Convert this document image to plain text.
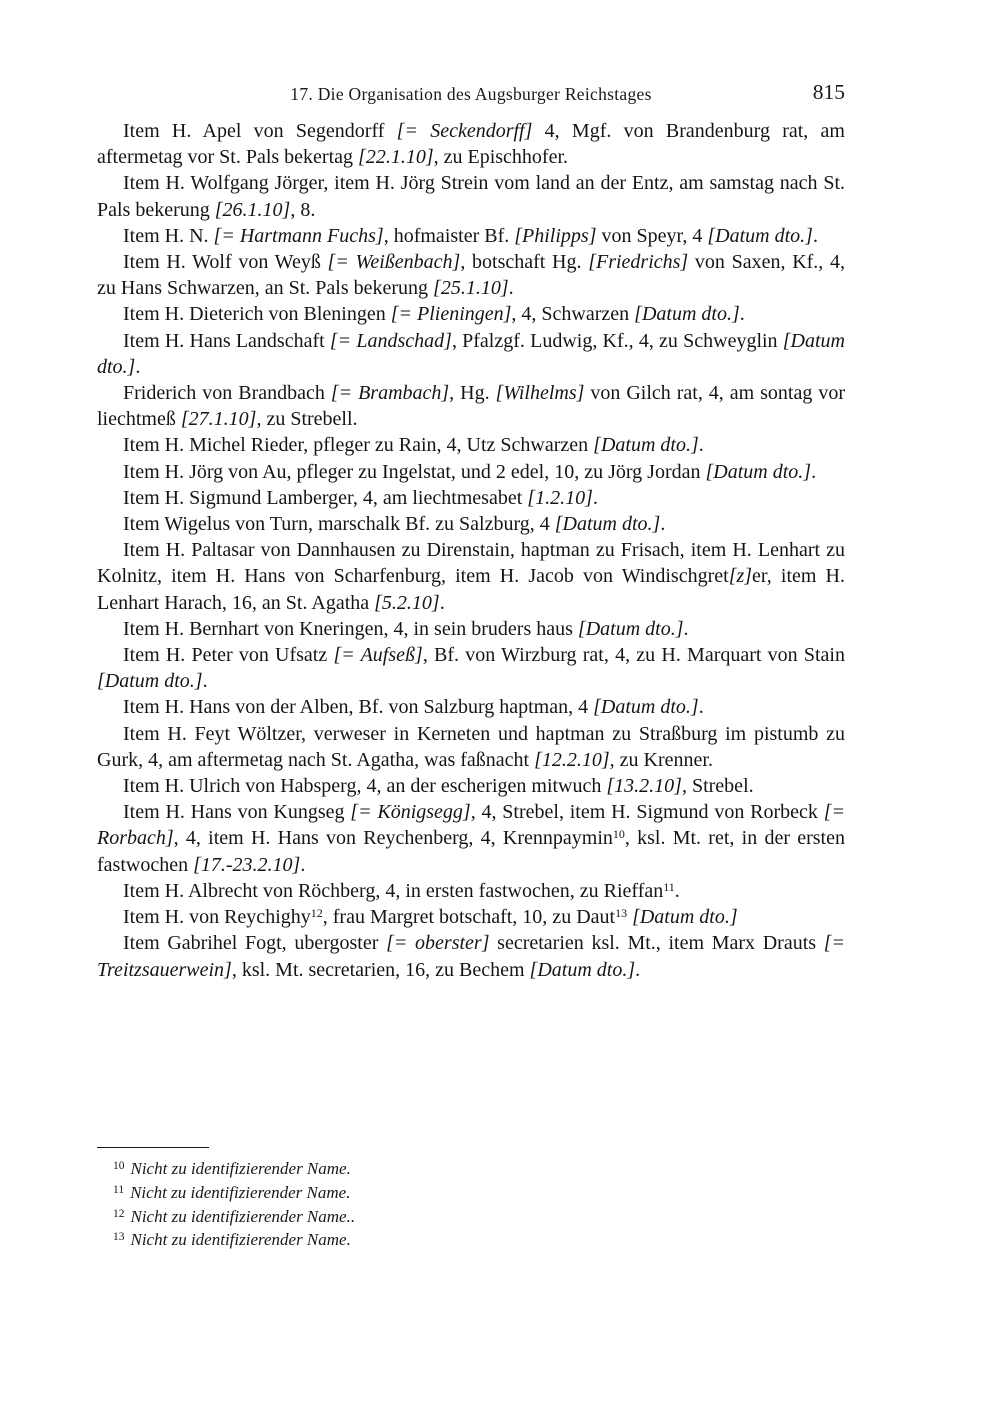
17. Die Organisation des Augsburger Reichstages	815

Item H. Apel von Segendorff [= Seckendorff] 4, Mgf. von Brandenburg rat, am aftermetag vor St. Pals bekertag [22.1.10], zu Epischhofer.

Item H. Wolfgang Jörger, item H. Jörg Strein vom land an der Entz, am samstag nach St. Pals bekerung [26.1.10], 8.

Item H. N. [= Hartmann Fuchs], hofmaister Bf. [Philipps] von Speyr, 4 [Datum dto.].

Item H. Wolf von Weyß [= Weißenbach], botschaft Hg. [Friedrichs] von Saxen, Kf., 4, zu Hans Schwarzen, an St. Pals bekerung [25.1.10].

Item H. Dieterich von Bleningen [= Plieningen], 4, Schwarzen [Datum dto.].

Item H. Hans Landschaft [= Landschad], Pfalzgf. Ludwig, Kf., 4, zu Schweyglin [Datum dto.].

Friderich von Brandbach [= Brambach], Hg. [Wilhelms] von Gilch rat, 4, am sontag vor liechtmeß [27.1.10], zu Strebell.

Item H. Michel Rieder, pfleger zu Rain, 4, Utz Schwarzen [Datum dto.].

Item H. Jörg von Au, pfleger zu Ingelstat, und 2 edel, 10, zu Jörg Jordan [Datum dto.].

Item H. Sigmund Lamberger, 4, am liechtmesabet [1.2.10].

Item Wigelus von Turn, marschalk Bf. zu Salzburg, 4 [Datum dto.].

Item H. Paltasar von Dannhausen zu Direnstain, haptman zu Frisach, item H. Lenhart zu Kolnitz, item H. Hans von Scharfenburg, item H. Jacob von Windischgret[z]er, item H. Lenhart Harach, 16, an St. Agatha [5.2.10].

Item H. Bernhart von Kneringen, 4, in sein bruders haus [Datum dto.].

Item H. Peter von Ufsatz [= Aufseß], Bf. von Wirzburg rat, 4, zu H. Marquart von Stain [Datum dto.].

Item H. Hans von der Alben, Bf. von Salzburg haptman, 4 [Datum dto.].

Item H. Feyt Wöltzer, verweser in Kerneten und haptman zu Straßburg im pistumb zu Gurk, 4, am aftermetag nach St. Agatha, was faßnacht [12.2.10], zu Krenner.

Item H. Ulrich von Habsperg, 4, an der escherigen mitwuch [13.2.10], Strebel.

Item H. Hans von Kungseg [= Königsegg], 4, Strebel, item H. Sigmund von Rorbeck [= Rorbach], 4, item H. Hans von Reychenberg, 4, Krennpaymin$^{10}$, ksl. Mt. ret, in der ersten fastwochen [17.-23.2.10].

Item H. Albrecht von Röchberg, 4, in ersten fastwochen, zu Rieffan$^{11}$.

Item H. von Reychighy$^{12}$, frau Margret botschaft, 10, zu Daut$^{13}$ [Datum dto.]

Item Gabrihel Fogt, ubergoster [= oberster] secretarien ksl. Mt., item Marx Drauts [= Treitzsauerwein], ksl. Mt. secretarien, 16, zu Bechem [Datum dto.].

$^{10}$ Nicht zu identifizierender Name.
$^{11}$ Nicht zu identifizierender Name.
$^{12}$ Nicht zu identifizierender Name..
$^{13}$ Nicht zu identifizierender Name.
